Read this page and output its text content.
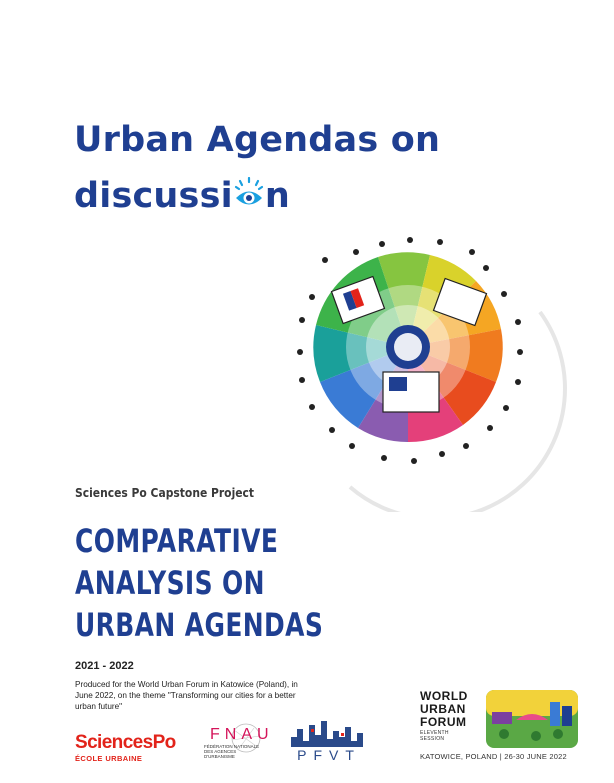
Urban Agendas on
discussi n
Sciences Po Capstone Project
COMPARATIVE
ANALYSIS ON
URBAN AGENDAS
2021 - 2022
Produced for the World Urban Forum in Katowice (Poland), in June 2022, on the theme "Transforming our cities for a better urban future"
SciencesPo
ÉCOLE URBAINE
FNAU
FÉDÉRATION NATIONALE DES AGENCES D'URBANISME	PFVT
WORLD
URBAN
FORUM
ELEVENTH SESSION
KATOWICE, POLAND | 26-30 JUNE 2022
